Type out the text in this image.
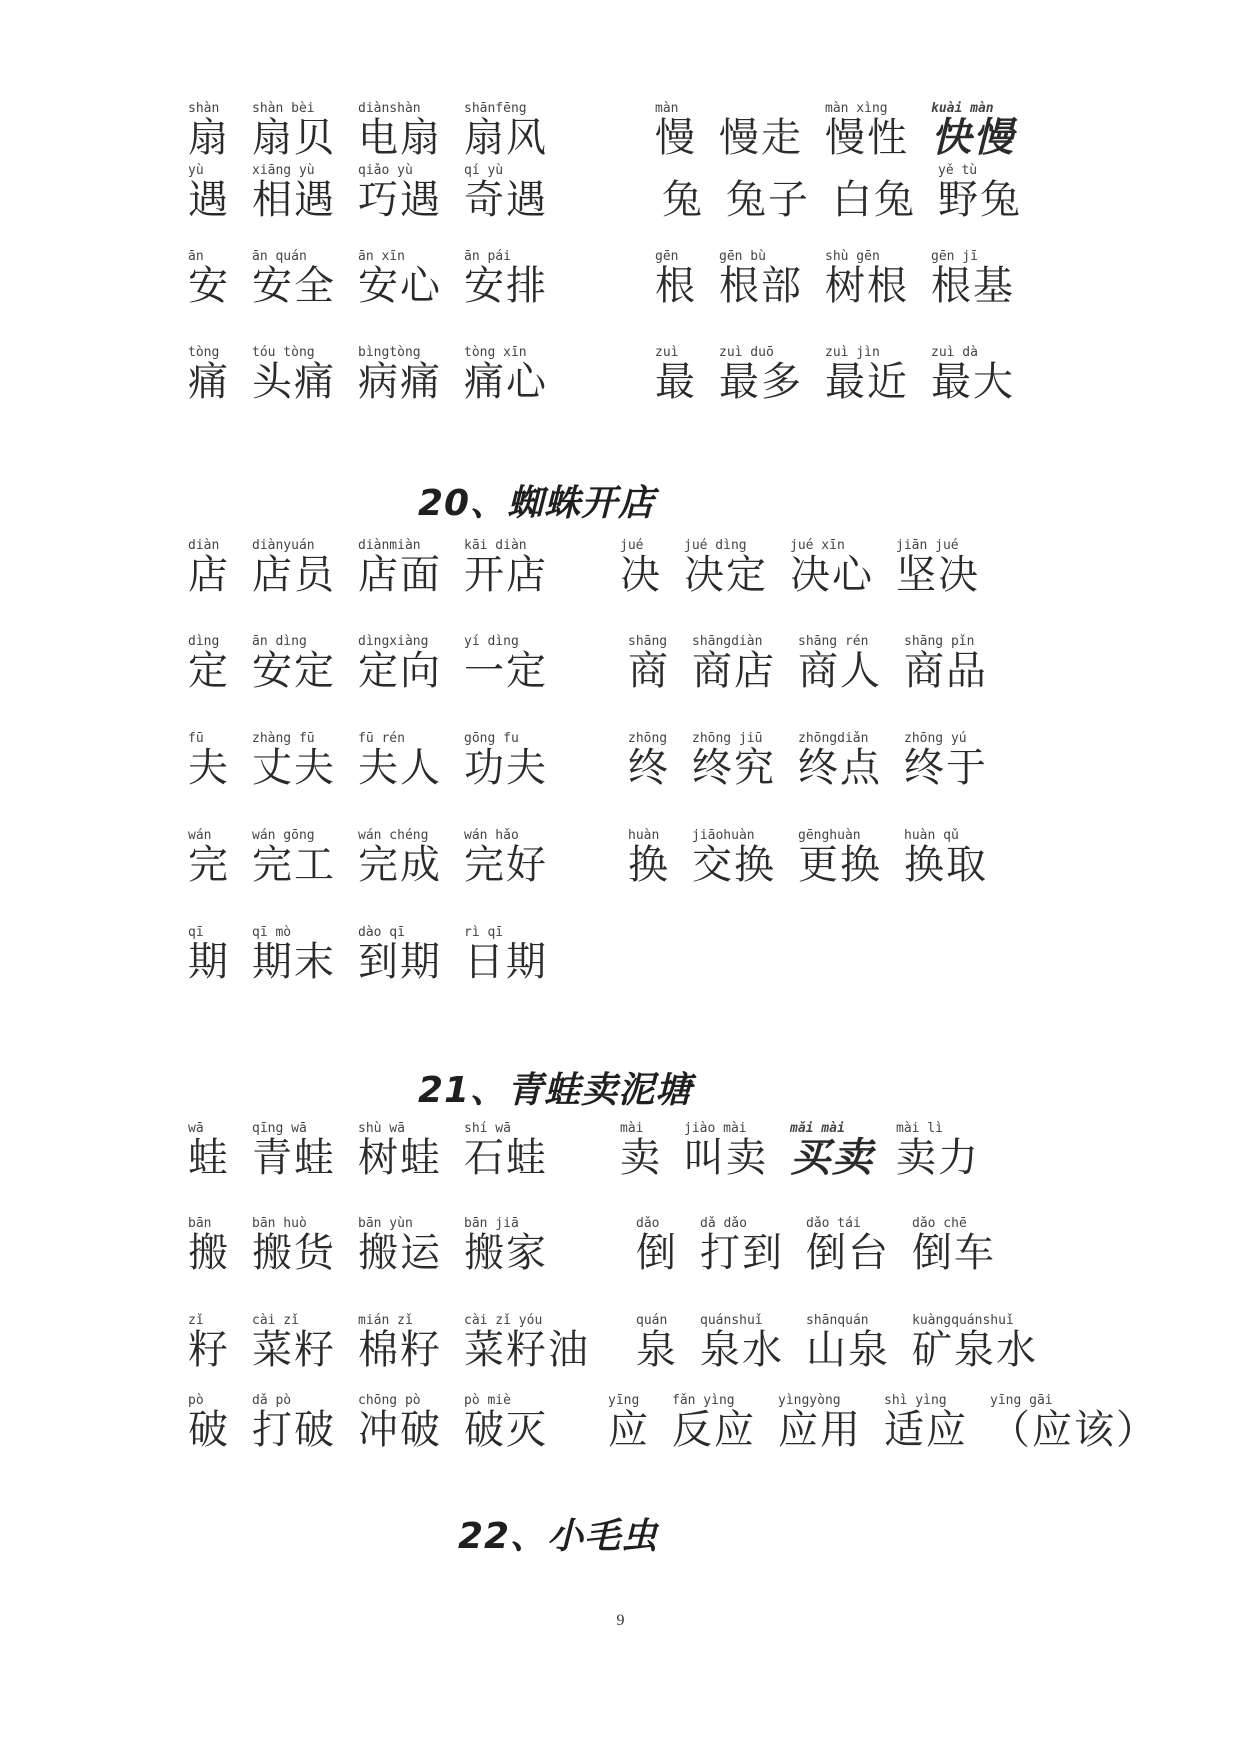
shàn
扇
shàn bèi
扇贝
diànshàn
电扇
shānfēng
扇风
màn
慢 慢走
màn xìng
慢性
kuài màn
快慢
yù
遇
xiāng yù
相遇
qiǎo yù
巧遇
qí yù
奇遇	兔 兔子 白兔
yě tù
野兔
ān
安
ān quán
安全
ān xīn
安心
ān pái
安排
gēn
根
gēn bù
根部
shù gēn
树根
gēn jī
根基
tòng
痛
tóu tòng
头痛
bìngtòng
病痛
tòng xīn
痛心
zuì
最
zuì duō
最多
zuì jìn
最近
zuì dà
最大
diàn
店
diànyuán
店员
diànmiàn
店面
kāi diàn
开店
jué
决
jué dìng
决定
jué xīn
决心
jiān jué
坚决
dìng
定
ān dìng
安定
dìngxiàng
定向
yí dìng
一定
shāng
商
shāngdiàn
商店
shāng rén
商人
shāng pǐn
商品
fū
夫
zhàng fū
丈夫
fū rén
夫人
gōng fu
功夫
zhōng
终
zhōng jiū
终究
zhōngdiǎn
终点
zhōng yú
终于
wán
完
wán gōng
完工
wán chéng
完成
wán hǎo
完好
huàn
换
jiāohuàn
交换
gēnghuàn
更换
huàn qǔ
换取
qī
期
qī mò
期末
dào qī
到期
rì qī
日期
wā
蛙
qīng wā
青蛙
shù wā
树蛙
shí wā
石蛙
mài
卖
jiào mài
叫卖
mǎi mài
买卖
mài lì
卖力
bān
搬
bān huò
搬货
bān yùn
搬运
bān jiā
搬家
dǎo
倒
dǎ dǎo
打到
dǎo tái
倒台
dǎo chē
倒车
zǐ
籽
cài zǐ
菜籽
mián zǐ
棉籽
cài zǐ yóu
菜籽油
quán
泉
quánshuǐ
泉水
shānquán
山泉
kuàngquánshuǐ
矿泉水
pò
破
dǎ pò
打破
chōng pò
冲破
pò miè
破灭
yīng
应
fǎn yìng
反应
yìngyòng
应用
shì yìng
适应
yīng gāi
（应该）
20、蜘蛛开店
21、青蛙卖泥塘
22、小毛虫
9
